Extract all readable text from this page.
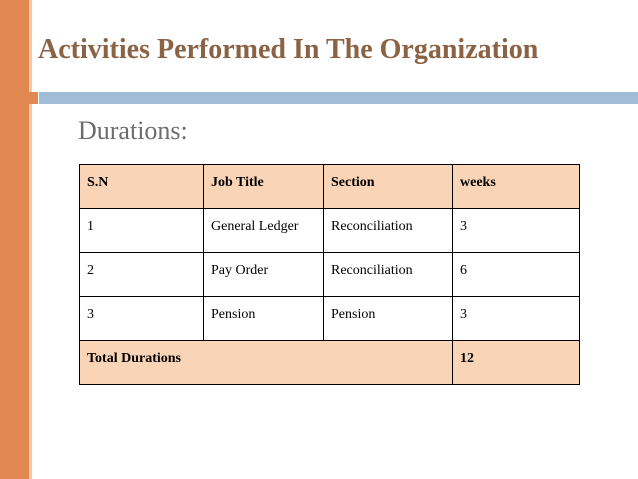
Activities Performed In The Organization
Durations:
S.N	Job Title	Section	weeks
1	General Ledger	Reconciliation	3
2	Pay Order	Reconciliation	6
3	Pension	Pension	3
Total Durations			12
